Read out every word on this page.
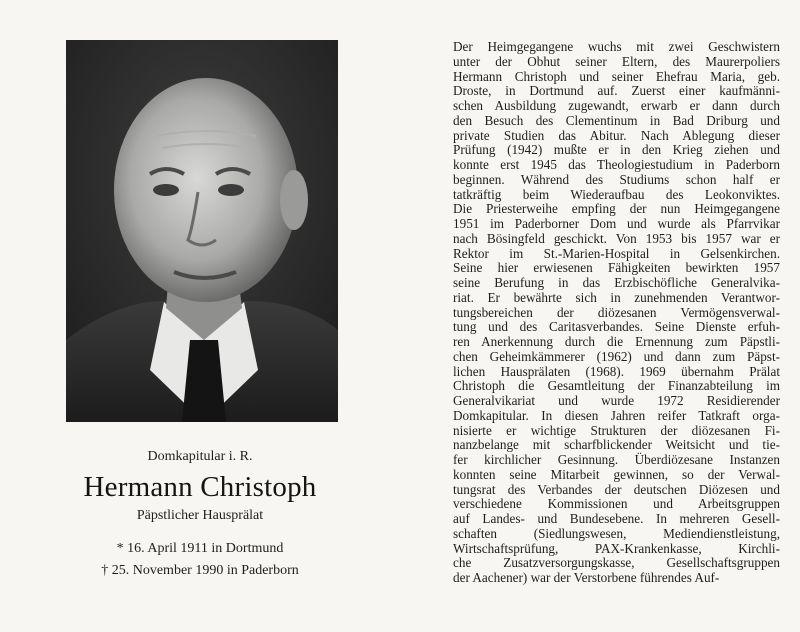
Domkapitular i. R.
Hermann Christoph
Päpstlicher Hausprälat
* 16. April 1911 in Dortmund
† 25. November 1990 in Paderborn
Der Heimgegangene wuchs mit zwei Geschwistern
unter der Obhut seiner Eltern, des Maurerpoliers
Hermann Christoph und seiner Ehefrau Maria, geb.
Droste, in Dortmund auf. Zuerst einer kaufmänni-
schen Ausbildung zugewandt, erwarb er dann durch
den Besuch des Clementinum in Bad Driburg und
private Studien das Abitur. Nach Ablegung dieser
Prüfung (1942) mußte er in den Krieg ziehen und
konnte erst 1945 das Theologiestudium in Paderborn
beginnen. Während des Studiums schon half er
tatkräftig beim Wiederaufbau des Leokonviktes.
Die Priesterweihe empfing der nun Heimgegangene
1951 im Paderborner Dom und wurde als Pfarrvikar
nach Bösingfeld geschickt. Von 1953 bis 1957 war er
Rektor im St.-Marien-Hospital in Gelsenkirchen.
Seine hier erwiesenen Fähigkeiten bewirkten 1957
seine Berufung in das Erzbischöfliche Generalvika-
riat. Er bewährte sich in zunehmenden Verantwor-
tungsbereichen der diözesanen Vermögensverwal-
tung und des Caritasverbandes. Seine Dienste erfuh-
ren Anerkennung durch die Ernennung zum Päpstli-
chen Geheimkämmerer (1962) und dann zum Päpst-
lichen Hausprälaten (1968). 1969 übernahm Prälat
Christoph die Gesamtleitung der Finanzabteilung im
Generalvikariat und wurde 1972 Residierender
Domkapitular. In diesen Jahren reifer Tatkraft orga-
nisierte er wichtige Strukturen der diözesanen Fi-
nanzbelange mit scharfblickender Weitsicht und tie-
fer kirchlicher Gesinnung. Überdiözesane Instanzen
konnten seine Mitarbeit gewinnen, so der Verwal-
tungsrat des Verbandes der deutschen Diözesen und
verschiedene Kommissionen und Arbeitsgruppen
auf Landes- und Bundesebene. In mehreren Gesell-
schaften (Siedlungswesen, Mediendienstleistung,
Wirtschaftsprüfung, PAX-Krankenkasse, Kirchli-
che Zusatzversorgungskasse, Gesellschaftsgruppen
der Aachener) war der Verstorbene führendes Auf-
